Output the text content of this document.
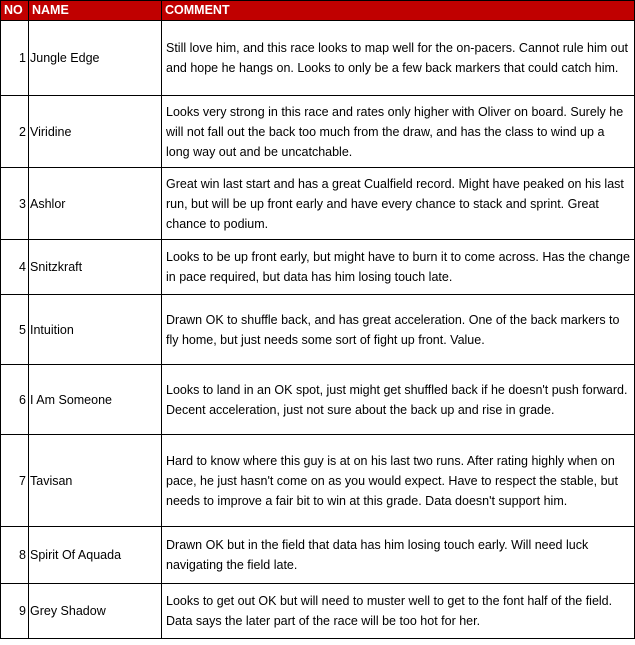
NO	NAME	COMMENT
1	Jungle Edge	Still love him, and this race looks to map well for the on-pacers. Cannot rule him out and hope he hangs on. Looks to only be a few back markers that could catch him.
2	Viridine	Looks very strong in this race and rates only higher with Oliver on board. Surely he will not fall out the back too much from the draw, and has the class to wind up a long way out and be uncatchable.
3	Ashlor	Great win last start and has a great Cualfield record. Might have peaked on his last run, but will be up front early and have every chance to stack and sprint. Great chance to podium.
4	Snitzkraft	Looks to be up front early, but might have to burn it to come across. Has the change in pace required, but data has him losing touch late.
5	Intuition	Drawn OK to shuffle back, and has great acceleration. One of the back markers to fly home, but just needs some sort of fight up front. Value.
6	I Am Someone	Looks to land in an OK spot, just might get shuffled back if he doesn't push forward. Decent acceleration, just not sure about the back up and rise in grade.
7	Tavisan	Hard to know where this guy is at on his last two runs. After rating highly when on pace, he just hasn't come on as you would expect. Have to respect the stable, but needs to improve a fair bit to win at this grade. Data doesn't support him.
8	Spirit Of Aquada	Drawn OK but in the field that data has him losing touch early. Will need luck navigating the field late.
9	Grey Shadow	Looks to get out OK but will need to muster well to get to the font half of the field. Data says the later part of the race will be too hot for her.
